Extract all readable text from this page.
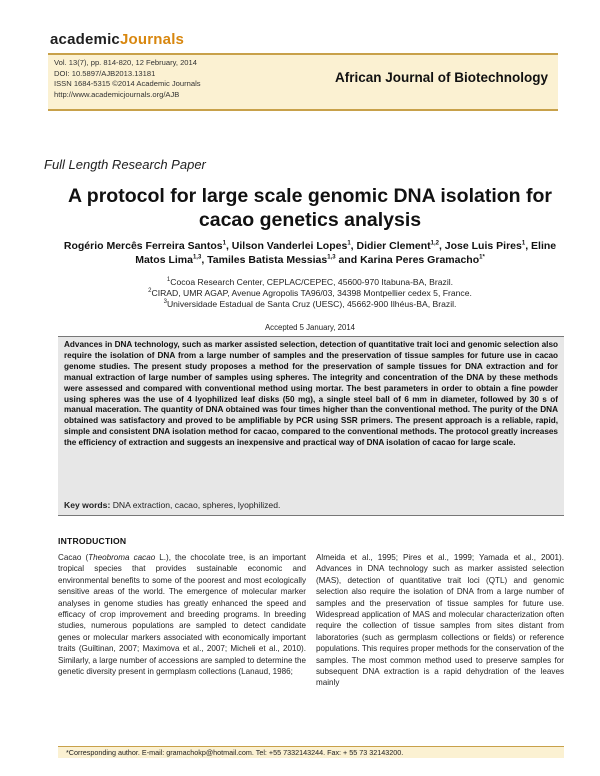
academicJournals
Vol. 13(7), pp. 814-820, 12 February, 2014
DOI: 10.5897/AJB2013.13181
ISSN 1684-5315 ©2014 Academic Journals
http://www.academicjournals.org/AJB
African Journal of Biotechnology
Full Length Research Paper
A protocol for large scale genomic DNA isolation for cacao genetics analysis
Rogério Mercês Ferreira Santos$^1$, Uilson Vanderlei Lopes$^1$, Didier Clement$^{1,2}$, Jose Luis Pires$^1$, Eline Matos Lima$^{1,3}$, Tamiles Batista Messias$^{1,3}$ and Karina Peres Gramacho$^{1*}$
$^1$Cocoa Research Center, CEPLAC/CEPEC, 45600-970 Itabuna-BA, Brazil.
$^2$CIRAD, UMR AGAP, Avenue Agropolis TA96/03, 34398 Montpellier cedex 5, France.
$^3$Universidade Estadual de Santa Cruz (UESC), 45662-900 Ilhéus-BA, Brazil.
Accepted 5 January, 2014
Advances in DNA technology, such as marker assisted selection, detection of quantitative trait loci and genomic selection also require the isolation of DNA from a large number of samples and the preservation of tissue samples for future use in cacao genome studies. The present study proposes a method for the preservation of sample tissues for DNA extraction and for manual extraction of large number of samples using spheres. The integrity and concentration of the DNA by these methods were assessed and compared with conventional method using mortar. The best parameters in order to obtain a fine powder using spheres was the use of 4 lyophilized leaf disks (50 mg), a single steel ball of 6 mm in diameter, followed by 30 s of manual maceration. The quantity of DNA obtained was four times higher than the conventional method. The purity of the DNA obtained was satisfactory and proved to be amplifiable by PCR using SSR primers. The present approach is a reliable, rapid, simple and consistent DNA isolation method for cacao, compared to the conventional methods. The protocol greatly increases the efficiency of extraction and suggests an inexpensive and practical way of DNA isolation of cacao for large scale.
Key words: DNA extraction, cacao, spheres, lyophilized.
INTRODUCTION
Cacao (Theobroma cacao L.), the chocolate tree, is an important tropical species that provides sustainable economic and environmental benefits to some of the poorest and most ecologically sensitive areas of the world. The emergence of molecular marker analyses in genome studies has greatly enhanced the speed and efficacy of crop improvement and breeding programs. In breeding studies, numerous populations are sampled to detect candidate genes or molecular markers associated with economically important traits (Guiltinan, 2007; Maximova et al., 2007; Micheli et al., 2010). Similarly, a large number of accessions are sampled to determine the genetic diversity present in germplasm collections (Lanaud, 1986;
Almeida et al., 1995; Pires et al., 1999; Yamada et al., 2001). Advances in DNA technology such as marker assisted selection (MAS), detection of quantitative trait loci (QTL) and genomic selection also require the isolation of DNA from a large number of samples and the preservation of tissue samples for future use. Widespread application of MAS and molecular characterization often require the collection of tissue samples from sites distant from laboratories (such as germplasm collections or fields) or reference populations. This requires proper methods for the conservation of the samples. The most common method used to preserve samples for subsequent DNA extraction is a rapid dehydration of the leaves mainly
*Corresponding author. E-mail: gramachokp@hotmail.com. Tel: +55 7332143244. Fax: + 55 73 32143200.
